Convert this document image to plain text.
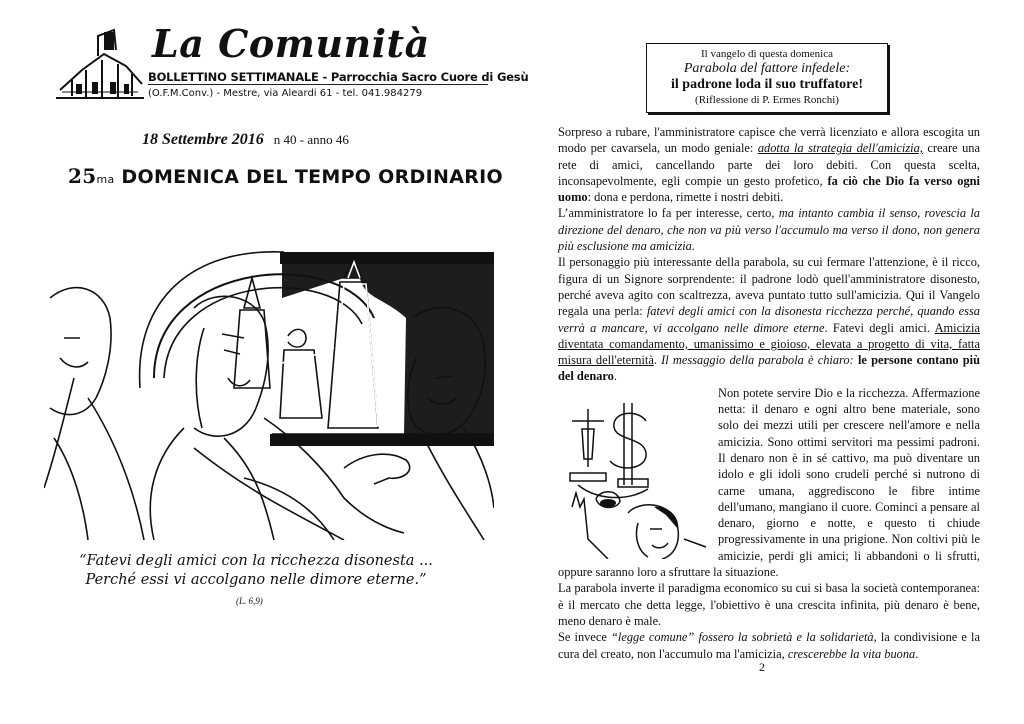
La Comunità
BOLLETTINO SETTIMANALE - Parrocchia Sacro Cuore di Gesù
(O.F.M.Conv.) - Mestre, via Aleardi 61 - tel. 041.984279
18 Settembre 2016 n 40 - anno 46
25ma DOMENICA DEL TEMPO ORDINARIO
“Fatevi degli amici con la ricchezza disonesta ...
Perché essi vi accolgano nelle dimore eterne.”
(L. 6,9)
Il vangelo di questa domenica
Parabola del fattore infedele:
il padrone loda il suo truffatore!
(Riflessione di P. Ermes Ronchi)

Sorpreso a rubare, l'amministratore capisce che verrà licenziato e allora escogita un modo per cavarsela, un modo geniale: adotta la strategia dell'amicizia, creare una rete di amici, cancellando parte dei loro debiti. Con questa scelta, inconsapevolmente, egli compie un gesto profetico, fa ciò che Dio fa verso ogni uomo: dona e perdona, rimette i nostri debiti.

L’amministratore lo fa per interesse, certo, ma intanto cambia il senso, rovescia la direzione del denaro, che non va più verso l'accumulo ma verso il dono, non genera più esclusione ma amicizia.

Il personaggio più interessante della parabola, su cui fermare l'attenzione, è il ricco, figura di un Signore sorprendente: il padrone lodò quell'amministratore disonesto, perché aveva agito con scaltrezza, aveva puntato tutto sull'amicizia. Qui il Vangelo regala una perla: fatevi degli amici con la disonesta ricchezza perché, quando essa verrà a mancare, vi accolgano nelle dimore eterne. Fatevi degli amici. Amicizia diventata comandamento, umanissimo e gioioso, elevata a progetto di vita, fatta misura dell'eternità. Il messaggio della parabola è chiaro: le persone contano più del denaro.

Non potete servire Dio e la ricchezza. Affermazione netta: il denaro e ogni altro bene materiale, sono solo dei mezzi utili per crescere nell'amore e nella amicizia. Sono ottimi servitori ma pessimi padroni. Il denaro non è in sé cattivo, ma può diventare un idolo e gli idoli sono crudeli perché si nutrono di carne umana, aggrediscono le fibre intime dell'umano, mangiano il cuore. Cominci a pensare al denaro, giorno e notte, e questo ti chiude progressivamente in una prigione. Non coltivi più le amicizie, perdi gli amici; li abbandoni o li sfrutti, oppure saranno loro a sfruttare la situazione.

La parabola inverte il paradigma economico su cui si basa la società contemporanea: è il mercato che detta legge, l'obiettivo è una crescita infinita, più denaro è bene, meno denaro è male.

Se invece “legge comune” fossero la sobrietà e la solidarietà, la condivisione e la cura del creato, non l'accumulo ma l'amicizia, crescerebbe la vita buona.

2
